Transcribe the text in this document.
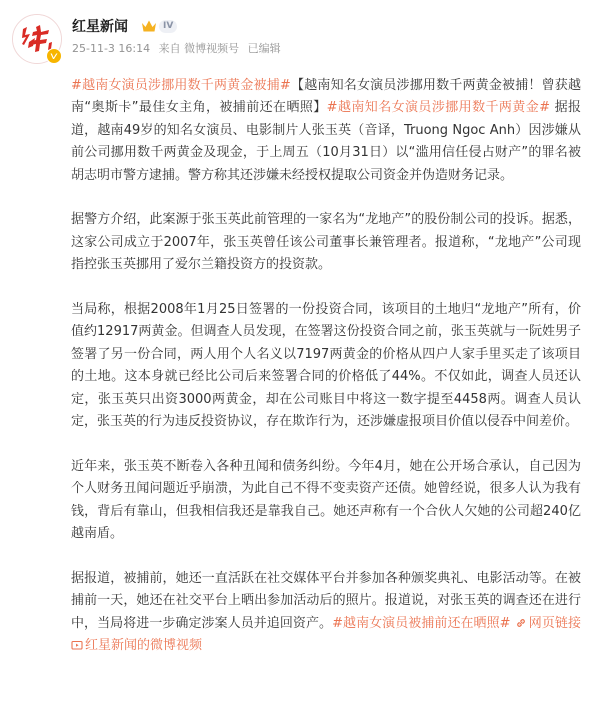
红星新闻	IV
25-11-3 16:14 来自 微博视频号 已编辑

#越南女演员涉挪用数千两黄金被捕#【越南知名女演员涉挪用数千两黄金被捕！曾获越南“奥斯卡”最佳女主角，被捕前还在晒照】#越南知名女演员涉挪用数千两黄金# 据报道，越南49岁的知名女演员、电影制片人张玉英（音译，Truong Ngoc Anh）因涉嫌从前公司挪用数千两黄金及现金，于上周五（10月31日）以“滥用信任侵占财产”的罪名被胡志明市警方逮捕。警方称其还涉嫌未经授权提取公司资金并伪造财务记录。

据警方介绍，此案源于张玉英此前管理的一家名为“龙地产”的股份制公司的投诉。据悉，这家公司成立于2007年，张玉英曾任该公司董事长兼管理者。报道称，“龙地产”公司现指控张玉英挪用了爱尔兰籍投资方的投资款。

当局称，根据2008年1月25日签署的一份投资合同，该项目的土地归“龙地产”所有，价值约12917两黄金。但调查人员发现，在签署这份投资合同之前，张玉英就与一阮姓男子签署了另一份合同，两人用个人名义以7197两黄金的价格从四户人家手里买走了该项目的土地。这本身就已经比公司后来签署合同的价格低了44%。不仅如此，调查人员还认定，张玉英只出资3000两黄金，却在公司账目中将这一数字提至4458两。调查人员认定，张玉英的行为违反投资协议，存在欺诈行为，还涉嫌虚报项目价值以侵吞中间差价。

近年来，张玉英不断卷入各种丑闻和债务纠纷。今年4月，她在公开场合承认，自己因为个人财务丑闻问题近乎崩溃，为此自己不得不变卖资产还债。她曾经说，很多人认为我有钱，背后有靠山，但我相信我还是靠我自己。她还声称有一个合伙人欠她的公司超240亿越南盾。

据报道，被捕前，她还一直活跃在社交媒体平台并参加各种颁奖典礼、电影活动等。在被捕前一天，她还在社交平台上晒出参加活动后的照片。报道说，对张玉英的调查还在进行中，当局将进一步确定涉案人员并追回资产。#越南女演员被捕前还在晒照# 网页链接 红星新闻的微博视频
